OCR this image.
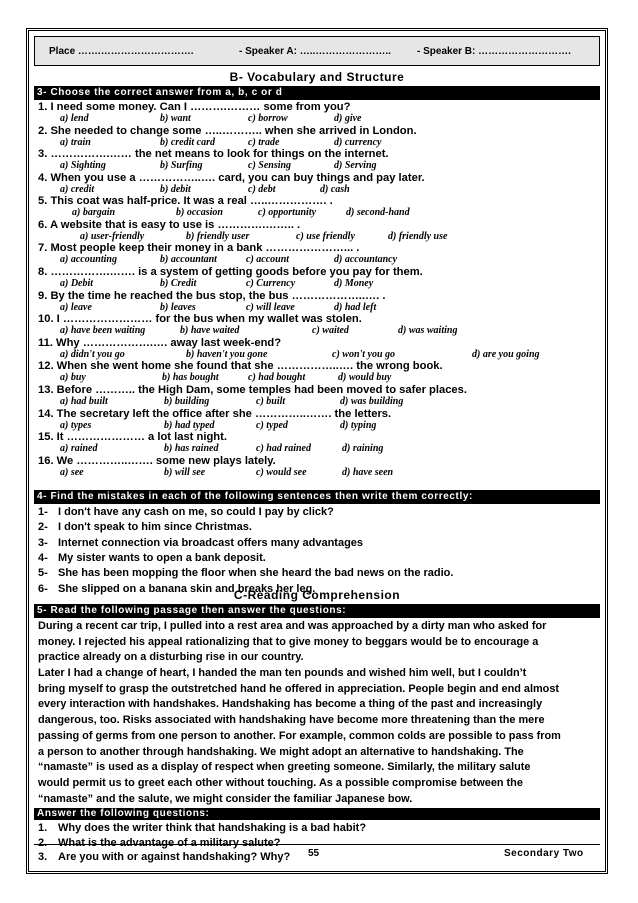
Place …….……………………….	- Speaker A: …..…………………..	- Speaker B: ……………………….
B- Vocabulary and Structure
3- Choose the correct answer from a, b, c or d
1. I need some money. Can I ……….……… some from you?
a) lend	b) want	c) borrow	d) give
2. She needed to change some …..……….. when she arrived in London.
a) train	b) credit card	c) trade	d) currency
3. …………….…… the net means to look for things on the internet.
a) Sighting	b) Surfing	c) Sensing	d) Serving
4. When you use a ……………..…. card, you can buy things and pay later.
a) credit	b) debit	c) debt	d) cash
5. This coat was half-price. It was a real …..……………. .
a) bargain	b) occasion	c) opportunity	d) second-hand
6. A website that is easy to use is ………….…….. .
a) user-friendly	b) friendly user	c) use friendly	d) friendly use
7. Most people keep their money in a bank …………………... .
a) accounting	b) accountant	c) account	d) accountancy
8. …………….……. is a system of getting goods before you pay for them.
a) Debit	b) Credit	c) Currency	d) Money
9. By the time he reached the bus stop, the bus ………………..…. .
a) leave	b) leaves	c) will leave	d) had left
10. I …………………… for the bus when my wallet was stolen.
a) have been waiting	b) have waited	c) waited	d) was waiting
11. Why ……………….…. away last week-end?
a) didn't you go	b) haven't you gone	c) won't you go	d) are you going
12. When she went home she found that she ……………..…. the wrong book.
a) buy	b) has bought	c) had bought	d) would buy
13. Before ……….. the High Dam, some temples had been moved to safer places.
a) had built	b) building	c) built	d) was building
14. The secretary left the office after she …………..……. the letters.
a) types	b) had typed	c) typed	d) typing
15. It ………………… a lot last night.
a) rained	b) has rained	c) had rained	d) raining
16. We …………..……. some new plays lately.
a) see	b) will see	c) would see	d) have seen
4- Find the mistakes in each of the following sentences then write them correctly:
1- I don't have any cash on me, so could I pay by click?
2- I don't speak to him since Christmas.
3- Internet connection via broadcast offers many advantages
4- My sister wants to open a bank deposit.
5- She has been mopping the floor when she heard the bad news on the radio.
6- She slipped on a banana skin and breaks her leg.
C-Reading Comprehension
5- Read the following passage then answer the questions:
During a recent car trip, I pulled into a rest area and was approached by a dirty man who asked for
money. I rejected his appeal rationalizing that to give money to beggars would be to encourage a
practice already on a disturbing rise in our country.
Later I had a change of heart, I handed the man ten pounds and wished him well, but I couldn’t
bring myself to grasp the outstretched hand he offered in appreciation. People begin and end almost
every interaction with handshakes. Handshaking has become a thing of the past and increasingly
dangerous, too. Risks associated with handshaking have become more threatening than the mere
passing of germs from one person to another. For example, common colds are possible to pass from
a person to another through handshaking. We might adopt an alternative to handshaking. The
“namaste” is used as a display of respect when greeting someone. Similarly, the military salute
would permit us to greet each other without touching. As a possible compromise between the
“namaste” and the salute, we might consider the familiar Japanese bow.
Answer the following questions:
1. Why does the writer think that handshaking is a bad habit?
2. What is the advantage of a military salute?
3. Are you with or against handshaking? Why? 55	Secondary Two
